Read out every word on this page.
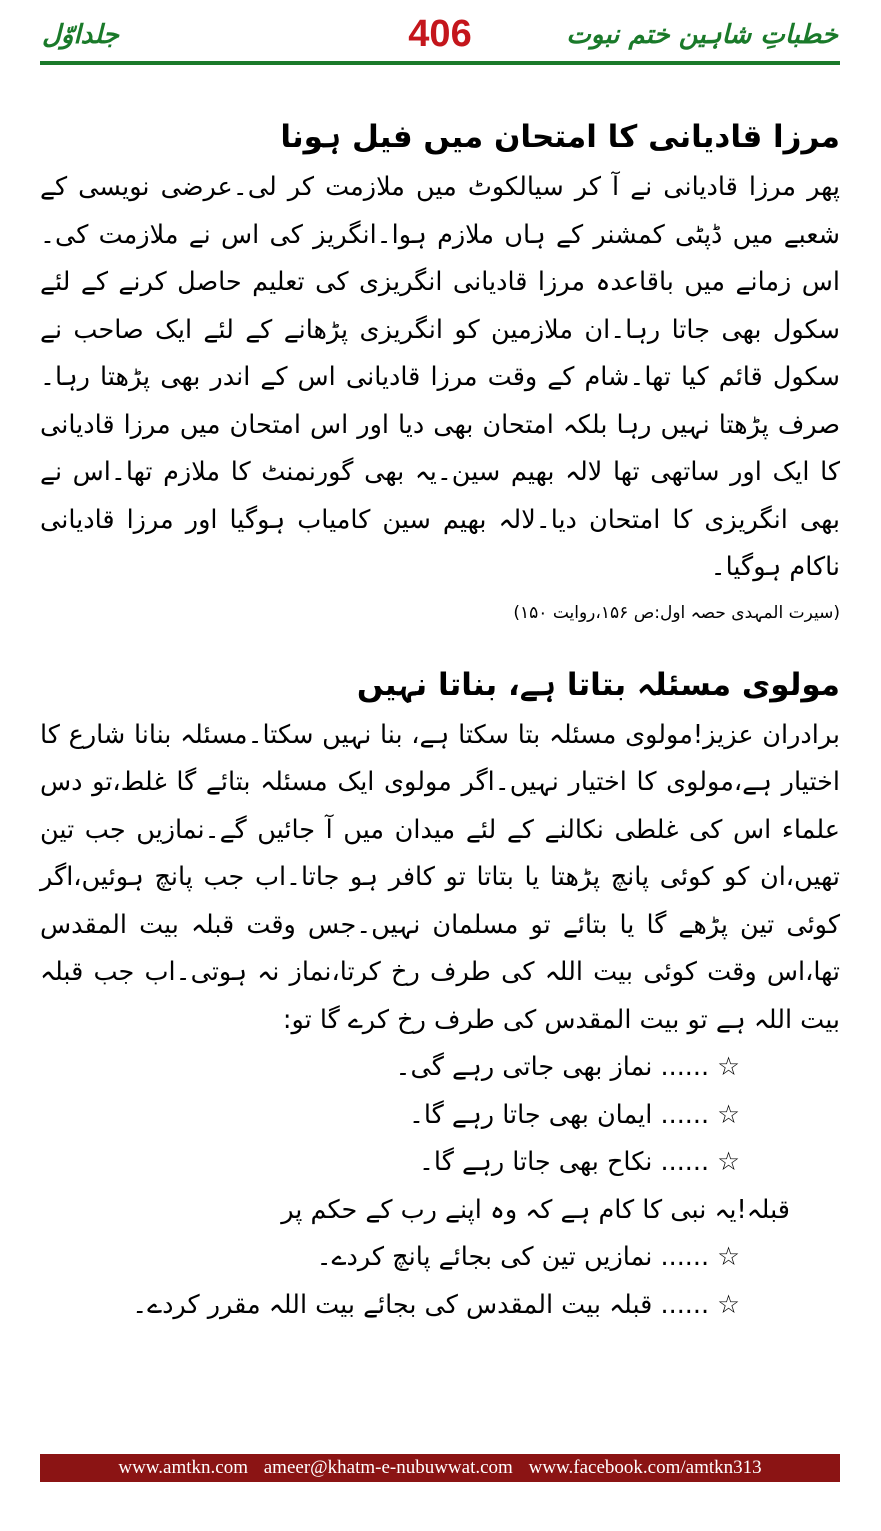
جلداوّل	406	خطباتِ شاہین ختم نبوت
مرزا قادیانی کا امتحان میں فیل ہونا

پھر مرزا قادیانی نے آ کر سیالکوٹ میں ملازمت کر لی۔عرضی نویسی کے شعبے میں ڈپٹی کمشنر کے ہاں ملازم ہوا۔انگریز کی اس نے ملازمت کی۔اس زمانے میں باقاعدہ مرزا قادیانی انگریزی کی تعلیم حاصل کرنے کے لئے سکول بھی جاتا رہا۔ان ملازمین کو انگریزی پڑھانے کے لئے ایک صاحب نے سکول قائم کیا تھا۔شام کے وقت مرزا قادیانی اس کے اندر بھی پڑھتا رہا۔صرف پڑھتا نہیں رہا بلکہ امتحان بھی دیا اور اس امتحان میں مرزا قادیانی کا ایک اور ساتھی تھا لالہ بھیم سین۔یہ بھی گورنمنٹ کا ملازم تھا۔اس نے بھی انگریزی کا امتحان دیا۔لالہ بھیم سین کامیاب ہوگیا اور مرزا قادیانی ناکام ہوگیا۔

(سیرت المہدی حصہ اول:ص ۱۵۶،روایت ۱۵۰)
مولوی مسئلہ بتاتا ہے، بناتا نہیں

برادران عزیز!مولوی مسئلہ بتا سکتا ہے، بنا نہیں سکتا۔مسئلہ بنانا شارع کا اختیار ہے،مولوی کا اختیار نہیں۔اگر مولوی ایک مسئلہ بتائے گا غلط،تو دس علماء اس کی غلطی نکالنے کے لئے میدان میں آ جائیں گے۔نمازیں جب تین تھیں،ان کو کوئی پانچ پڑھتا یا بتاتا تو کافر ہو جاتا۔اب جب پانچ ہوئیں،اگر کوئی تین پڑھے گا یا بتائے تو مسلمان نہیں۔جس وقت قبلہ بیت المقدس تھا،اس وقت کوئی بیت اللہ کی طرف رخ کرتا،نماز نہ ہوتی۔اب جب قبلہ بیت اللہ ہے تو بیت المقدس کی طرف رخ کرے گا تو:

☆...... نماز بھی جاتی رہے گی۔
☆...... ایمان بھی جاتا رہے گا۔
☆...... نکاح بھی جاتا رہے گا۔
قبلہ!یہ نبی کا کام ہے کہ وہ اپنے رب کے حکم پر
☆...... نمازیں تین کی بجائے پانچ کردے۔
☆...... قبلہ بیت المقدس کی بجائے بیت اللہ مقرر کردے۔
www.amtkn.com ameer@khatm-e-nubuwwat.com www.facebook.com/amtkn313
